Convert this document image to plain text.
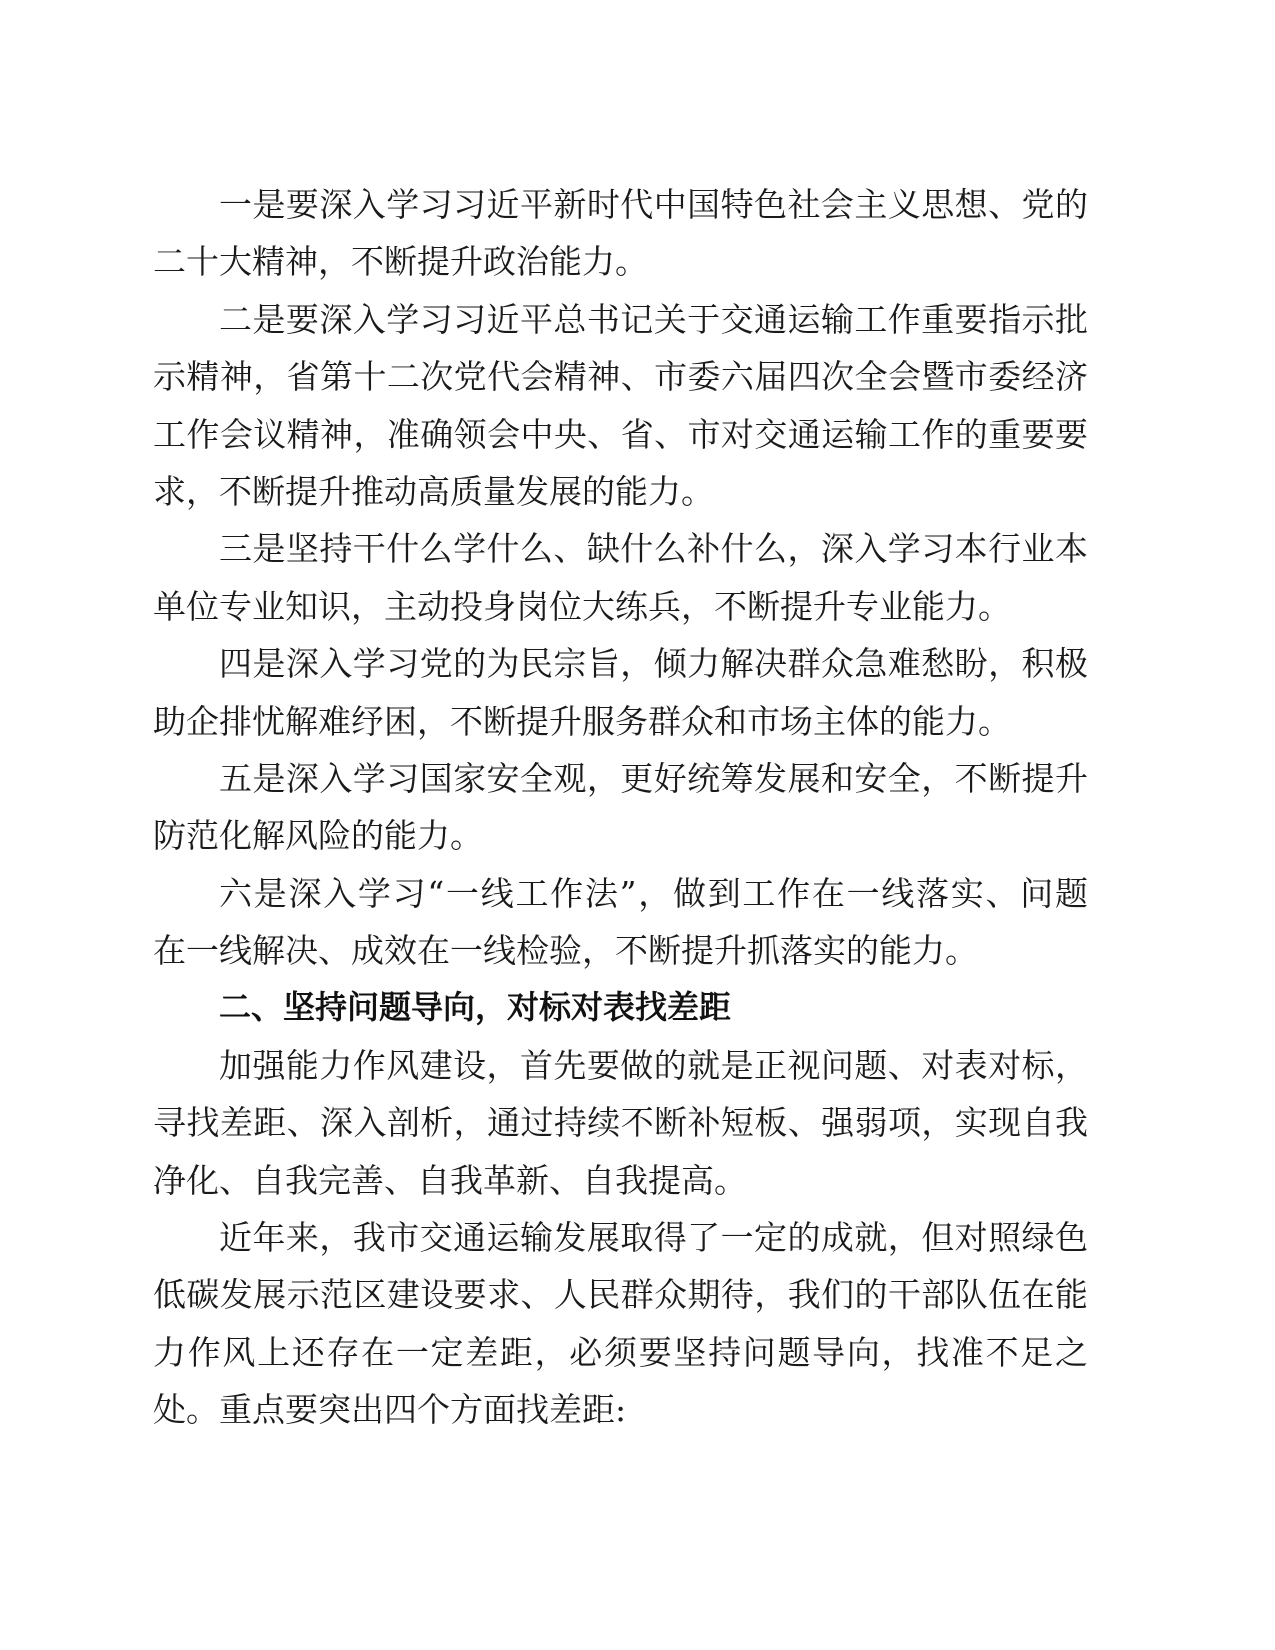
一是要深入学习习近平新时代中国特色社会主义思想、党的
二十大精神，不断提升政治能力。
二是要深入学习习近平总书记关于交通运输工作重要指示批
示精神，省第十二次党代会精神、市委六届四次全会暨市委经济
工作会议精神，准确领会中央、省、市对交通运输工作的重要要
求，不断提升推动高质量发展的能力。
三是坚持干什么学什么、缺什么补什么，深入学习本行业本
单位专业知识，主动投身岗位大练兵，不断提升专业能力。
四是深入学习党的为民宗旨，倾力解决群众急难愁盼，积极
助企排忧解难纾困，不断提升服务群众和市场主体的能力。
五是深入学习国家安全观，更好统筹发展和安全，不断提升
防范化解风险的能力。
六是深入学习“一线工作法”，做到工作在一线落实、问题
在一线解决、成效在一线检验，不断提升抓落实的能力。
二、坚持问题导向，对标对表找差距
加强能力作风建设，首先要做的就是正视问题、对表对标，
寻找差距、深入剖析，通过持续不断补短板、强弱项，实现自我
净化、自我完善、自我革新、自我提高。
近年来，我市交通运输发展取得了一定的成就，但对照绿色
低碳发展示范区建设要求、人民群众期待，我们的干部队伍在能
力作风上还存在一定差距，必须要坚持问题导向，找准不足之
处。重点要突出四个方面找差距:
